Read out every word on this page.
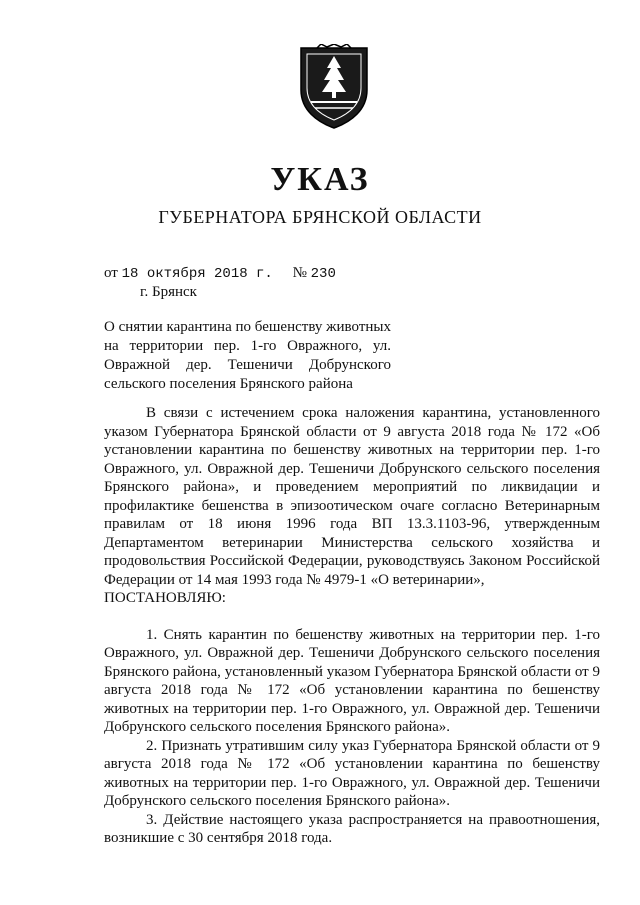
УКАЗ
ГУБЕРНАТОРА БРЯНСКОЙ ОБЛАСТИ
от 18 октября 2018 г. № 230
г. Брянск
О снятии карантина по бешенству животных на территории пер. 1-го Овражного, ул. Овражной дер. Тешеничи Добрунского сельского поселения Брянского района

В связи с истечением срока наложения карантина, установленного указом Губернатора Брянской области от 9 августа 2018 года № 172 «Об установлении карантина по бешенству животных на территории пер. 1-го Овражного, ул. Овражной дер. Тешеничи Добрунского сельского поселения Брянского района», и проведением мероприятий по ликвидации и профилактике бешенства в эпизоотическом очаге согласно Ветеринарным правилам от 18 июня 1996 года ВП 13.3.1103-96, утвержденным Департаментом ветеринарии Министерства сельского хозяйства и продовольствия Российской Федерации, руководствуясь Законом Российской Федерации от 14 мая 1993 года № 4979-1 «О ветеринарии»,

ПОСТАНОВЛЯЮ:

1. Снять карантин по бешенству животных на территории пер. 1-го Овражного, ул. Овражной дер. Тешеничи Добрунского сельского поселения Брянского района, установленный указом Губернатора Брянской области от 9 августа 2018 года № 172 «Об установлении карантина по бешенству животных на территории пер. 1-го Овражного, ул. Овражной дер. Тешеничи Добрунского сельского поселения Брянского района».

2. Признать утратившим силу указ Губернатора Брянской области от 9 августа 2018 года № 172 «Об установлении карантина по бешенству животных на территории пер. 1-го Овражного, ул. Овражной дер. Тешеничи Добрунского сельского поселения Брянского района».

3. Действие настоящего указа распространяется на правоотношения, возникшие с 30 сентября 2018 года.
